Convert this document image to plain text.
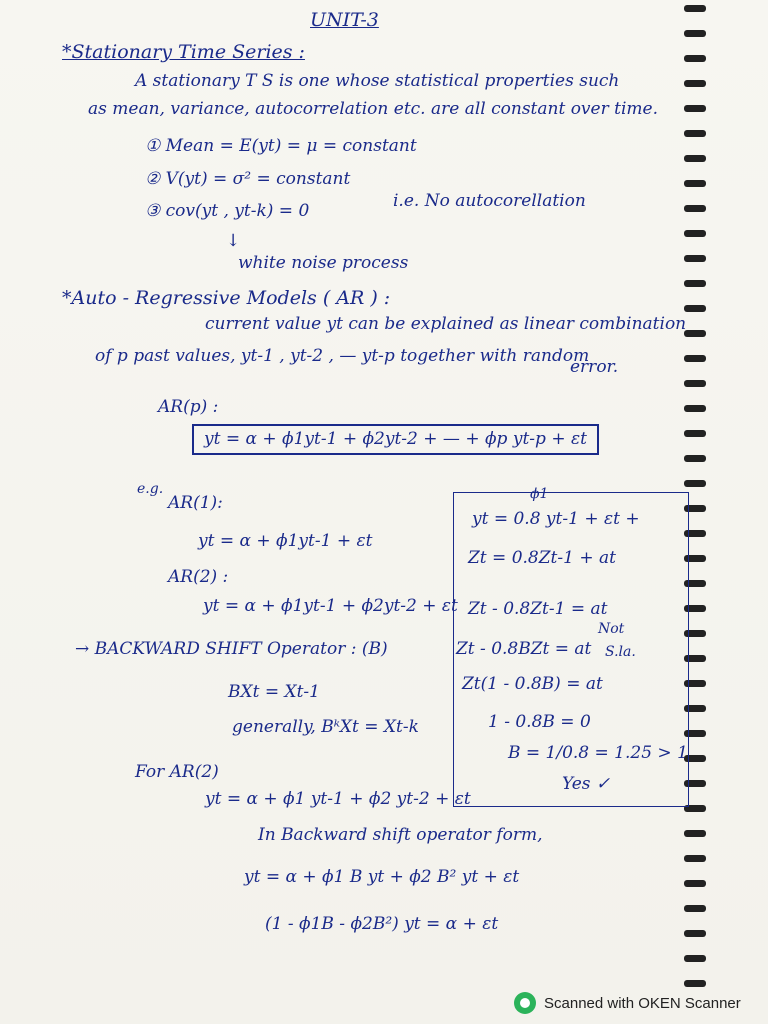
UNIT-3
*Stationary Time Series :
A stationary T S is one whose statistical properties such
as mean, variance, autocorrelation etc. are all constant over time.
① Mean = E(yt) = μ = constant
② V(yt) = σ² = constant
③ cov(yt , yt-k) = 0	i.e. No autocorellation
↓
white noise process
*Auto - Regressive Models ( AR ) :
current value yt can be explained as linear combination
of p past values, yt-1 , yt-2 , — yt-p together with random
error.
AR(p) :
yt = α + ϕ1yt-1 + ϕ2yt-2 + — + ϕp yt-p + εt
e.g.
AR(1):
yt = α + ϕ1yt-1 + εt
AR(2) :
yt = α + ϕ1yt-1 + ϕ2yt-2 + εt
ϕ1
yt = 0.8 yt-1 + εt +
Zt = 0.8Zt-1 + at
Zt - 0.8Zt-1 = at
Zt - 0.8BZt = at
Zt(1 - 0.8B) = at
1 - 0.8B = 0
B = 1/0.8 = 1.25 > 1
Yes ✓
Not
S.la.
→ BACKWARD SHIFT Operator : (B)
BXt = Xt-1
generally, BᵏXt = Xt-k
For AR(2)
yt = α + ϕ1 yt-1 + ϕ2 yt-2 + εt
In Backward shift operator form,
yt = α + ϕ1 B yt + ϕ2 B² yt + εt
(1 - ϕ1B - ϕ2B²) yt = α + εt
Scanned with OKEN Scanner
